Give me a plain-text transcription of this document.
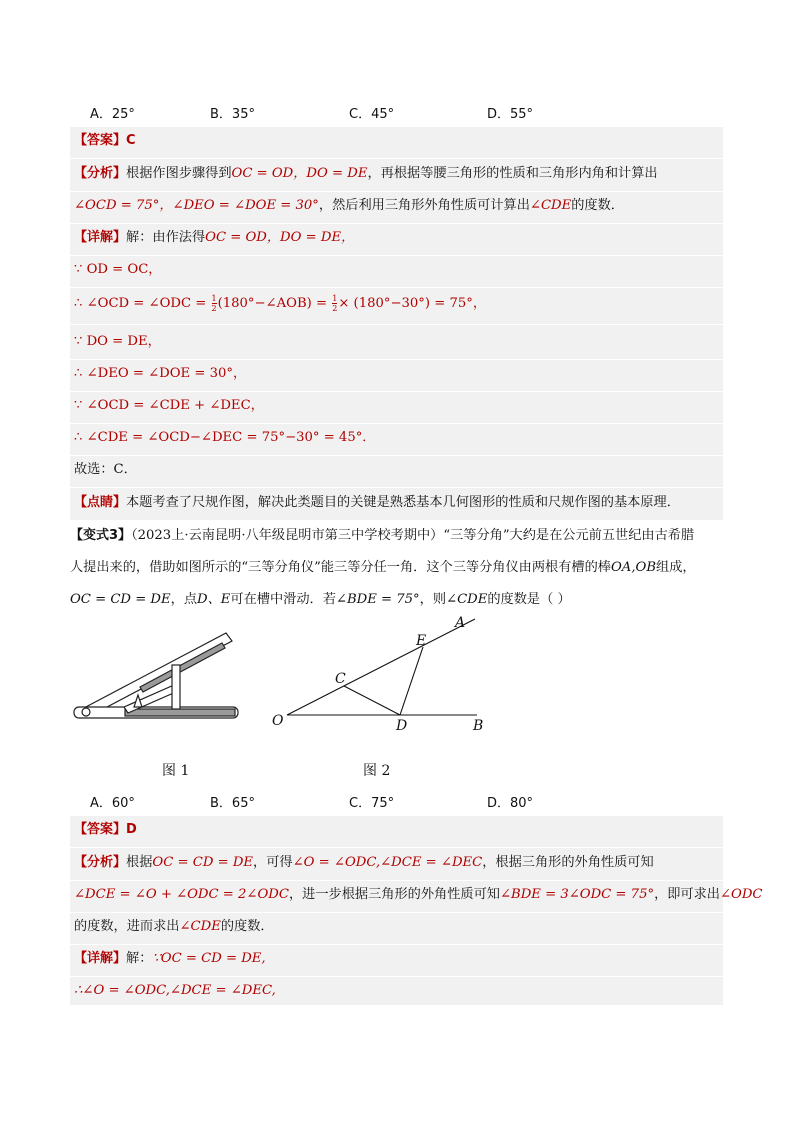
A．25°	B．35°	C．45°	D．55°
【答案】C
【分析】根据作图步骤得到OC = OD，DO = DE，再根据等腰三角形的性质和三角形内角和计算出
∠OCD = 75°，∠DEO = ∠DOE = 30°，然后利用三角形外角性质可计算出∠CDE的度数．
【详解】解：由作法得OC = OD，DO = DE，
∵ OD = OC，
∴ ∠OCD = ∠ODC = $\frac{1}{2}$ (180°−∠AOB) = $\frac{1}{2} \times (180^\circ-30^\circ) = 75^\circ$，
∵ DO = DE，
∴ ∠DEO = ∠DOE = 30°，
∵ ∠OCD = ∠CDE + ∠DEC，
∴ ∠CDE = ∠OCD−∠DEC = 75°−30° = 45°．
故选：C．
【点睛】本题考查了尺规作图，解决此类题目的关键是熟悉基本几何图形的性质和尺规作图的基本原理．
【变式3】（2023上·云南昆明·八年级昆明市第三中学校考期中）“三等分角”大约是在公元前五世纪由古希腊
人提出来的，借助如图所示的“三等分角仪”能三等分任一角．这个三等分角仪由两根有槽的棒OA,OB组成，
OC = CD = DE，点D、E可在槽中滑动．若∠BDE = 75°，则∠CDE的度数是（ ）
图 1
O
C
D
E
A
B
图 2
A．60°	B．65°	C．75°	D．80°
【答案】D
【分析】根据OC = CD = DE，可得∠O = ∠ODC,∠DCE = ∠DEC，根据三角形的外角性质可知
∠DCE = ∠O + ∠ODC = 2∠ODC，进一步根据三角形的外角性质可知∠BDE = 3∠ODC = 75°，即可求出∠ODC
的度数，进而求出∠CDE的度数．
【详解】解：∵OC = CD = DE,
∴∠O = ∠ODC,∠DCE = ∠DEC,
